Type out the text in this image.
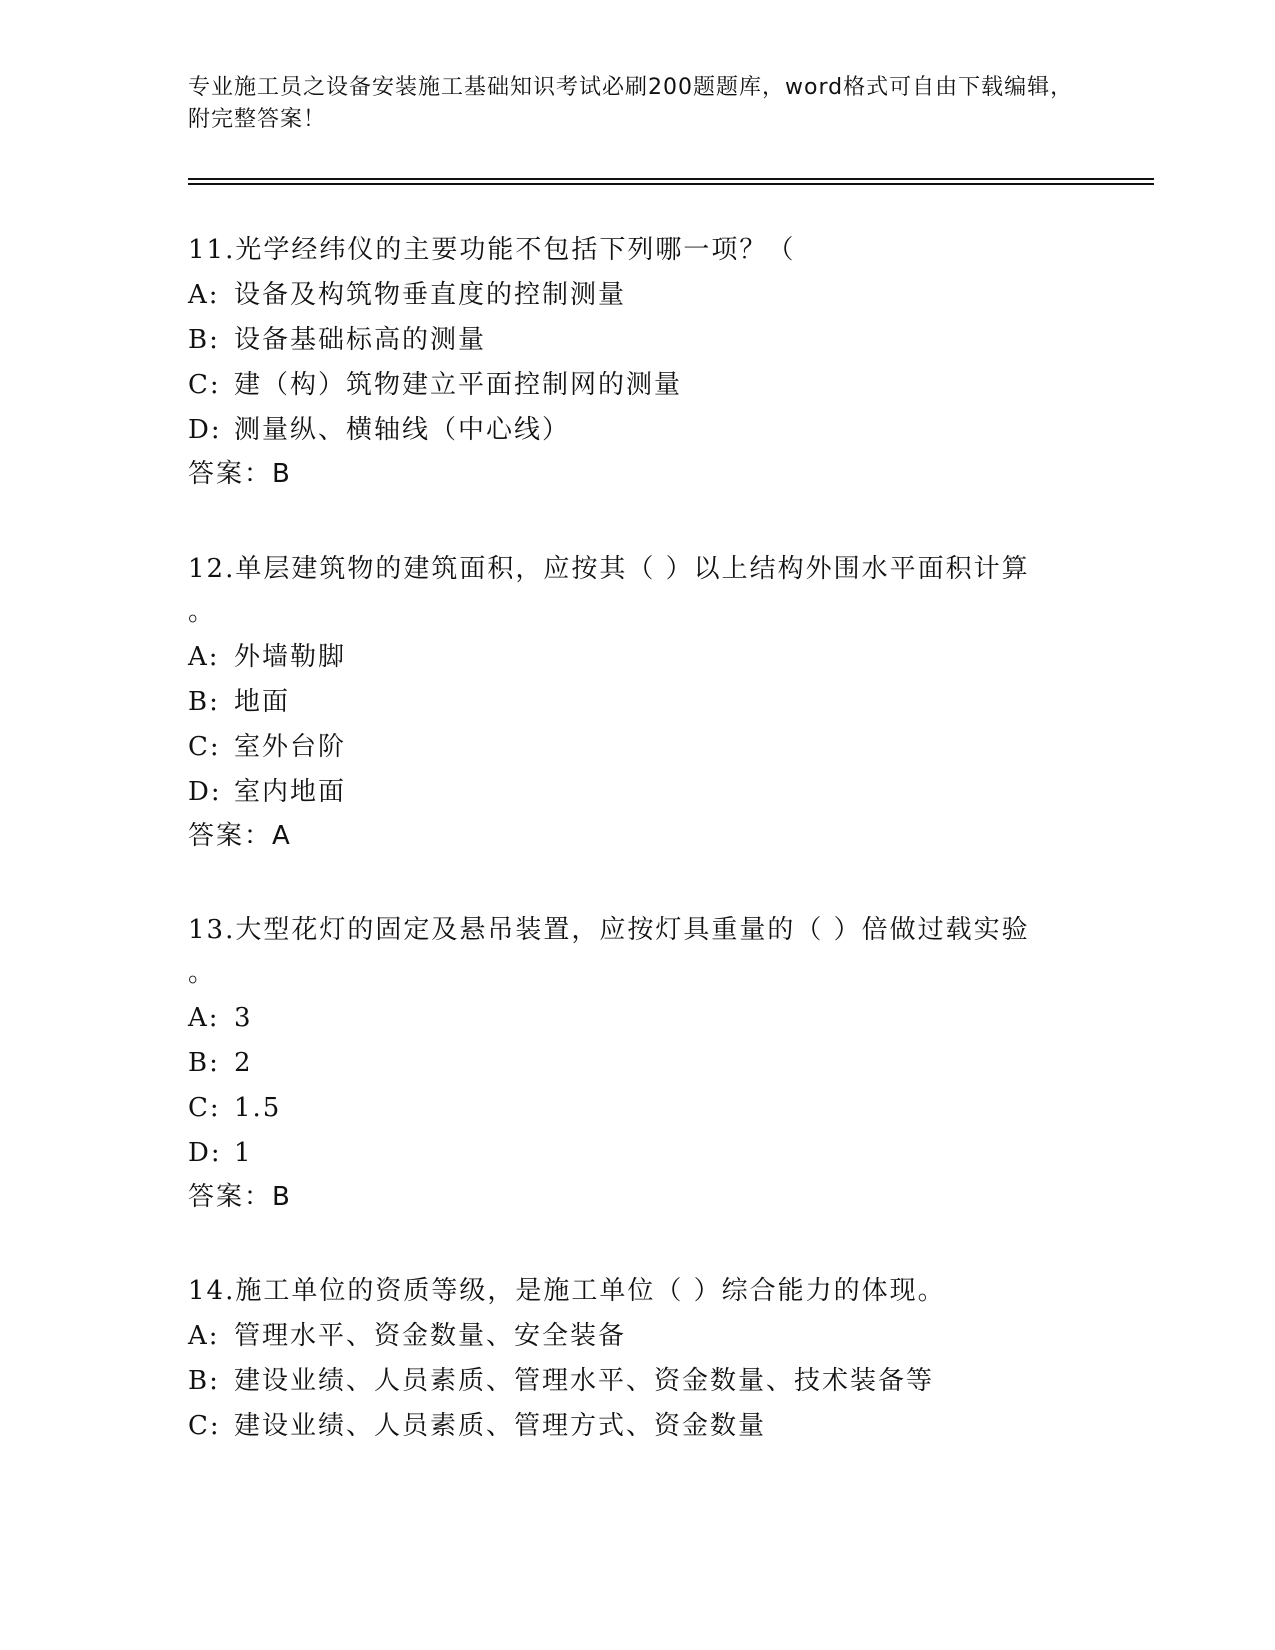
专业施工员之设备安装施工基础知识考试必刷200题题库，word格式可自由下载编辑，附完整答案！
11.光学经纬仪的主要功能不包括下列哪一项？（
A: 设备及构筑物垂直度的控制测量
B: 设备基础标高的测量
C: 建（构）筑物建立平面控制网的测量
D: 测量纵、横轴线（中心线）
答案：B
12.单层建筑物的建筑面积，应按其（ ）以上结构外围水平面积计算
。
A: 外墙勒脚
B: 地面
C: 室外台阶
D: 室内地面
答案：A
13.大型花灯的固定及悬吊装置，应按灯具重量的（ ）倍做过载实验
。
A: 3
B: 2
C: 1.5
D: 1
答案：B
14.施工单位的资质等级，是施工单位（ ）综合能力的体现。
A: 管理水平、资金数量、安全装备
B: 建设业绩、人员素质、管理水平、资金数量、技术装备等
C: 建设业绩、人员素质、管理方式、资金数量
